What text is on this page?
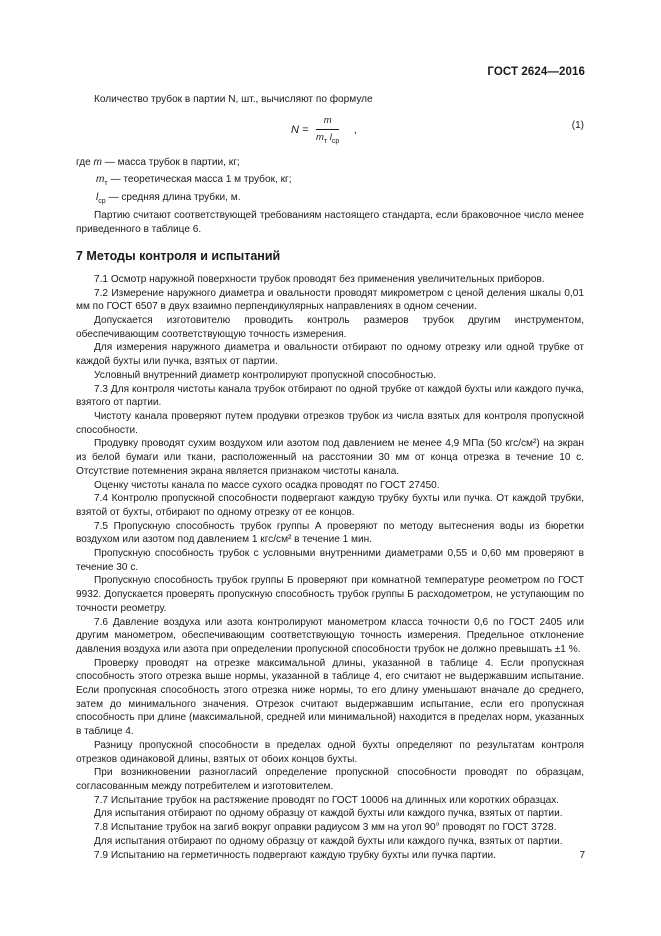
ГОСТ 2624—2016

Количество трубок в партии N, шт., вычисляют по формуле

N =
m
$m_т$ $l_{ср}$
,	(1)
где m — масса трубок в партии, кг;
$m_т$ — теоретическая масса 1 м трубок, кг;
$l_{ср}$ — средняя длина трубки, м.

Партию считают соответствующей требованиям настоящего стандарта, если браковочное число менее приведенного в таблице 6.

7 Методы контроля и испытаний

7.1 Осмотр наружной поверхности трубок проводят без применения увеличительных приборов.

7.2 Измерение наружного диаметра и овальности проводят микрометром с ценой деления шкалы 0,01 мм по ГОСТ 6507 в двух взаимно перпендикулярных направлениях в одном сечении.

Допускается изготовителю проводить контроль размеров трубок другим инструментом, обеспечивающим соответствующую точность измерения.

Для измерения наружного диаметра и овальности отбирают по одному отрезку или одной трубке от каждой бухты или пучка, взятых от партии.

Условный внутренний диаметр контролируют пропускной способностью.

7.3 Для контроля чистоты канала трубок отбирают по одной трубке от каждой бухты или каждого пучка, взятого от партии.

Чистоту канала проверяют путем продувки отрезков трубок из числа взятых для контроля пропускной способности.

Продувку проводят сухим воздухом или азотом под давлением не менее 4,9 МПа (50 кгс/см²) на экран из белой бумаги или ткани, расположенный на расстоянии 30 мм от конца отрезка в течение 10 с. Отсутствие потемнения экрана является признаком чистоты канала.

Оценку чистоты канала по массе сухого осадка проводят по ГОСТ 27450.

7.4 Контролю пропускной способности подвергают каждую трубку бухты или пучка. От каждой трубки, взятой от бухты, отбирают по одному отрезку от ее концов.

7.5 Пропускную способность трубок группы А проверяют по методу вытеснения воды из бюретки воздухом или азотом под давлением 1 кгс/см² в течение 1 мин.

Пропускную способность трубок с условными внутренними диаметрами 0,55 и 0,60 мм проверяют в течение 30 с.

Пропускную способность трубок группы Б проверяют при комнатной температуре реометром по ГОСТ 9932. Допускается проверять пропускную способность трубок группы Б расходометром, не уступающим по точности реометру.

7.6 Давление воздуха или азота контролируют манометром класса точности 0,6 по ГОСТ 2405 или другим манометром, обеспечивающим соответствующую точность измерения. Предельное отклонение давления воздуха или азота при определении пропускной способности трубок не должно превышать ±1 %.

Проверку проводят на отрезке максимальной длины, указанной в таблице 4. Если пропускная способность этого отрезка выше нормы, указанной в таблице 4, его считают не выдержавшим испытание. Если пропускная способность этого отрезка ниже нормы, то его длину уменьшают вначале до среднего, затем до минимального значения. Отрезок считают выдержавшим испытание, если его пропускная способность при длине (максимальной, средней или минимальной) находится в пределах норм, указанных в таблице 4.

Разницу пропускной способности в пределах одной бухты определяют по результатам контроля отрезков одинаковой длины, взятых от обоих концов бухты.

При возникновении разногласий определение пропускной способности проводят по образцам, согласованным между потребителем и изготовителем.

7.7 Испытание трубок на растяжение проводят по ГОСТ 10006 на длинных или коротких образцах.

Для испытания отбирают по одному образцу от каждой бухты или каждого пучка, взятых от партии.

7.8 Испытание трубок на загиб вокруг оправки радиусом 3 мм на угол 90° проводят по ГОСТ 3728.

Для испытания отбирают по одному образцу от каждой бухты или каждого пучка, взятых от партии.

7.9 Испытанию на герметичность подвергают каждую трубку бухты или пучка партии.	7
